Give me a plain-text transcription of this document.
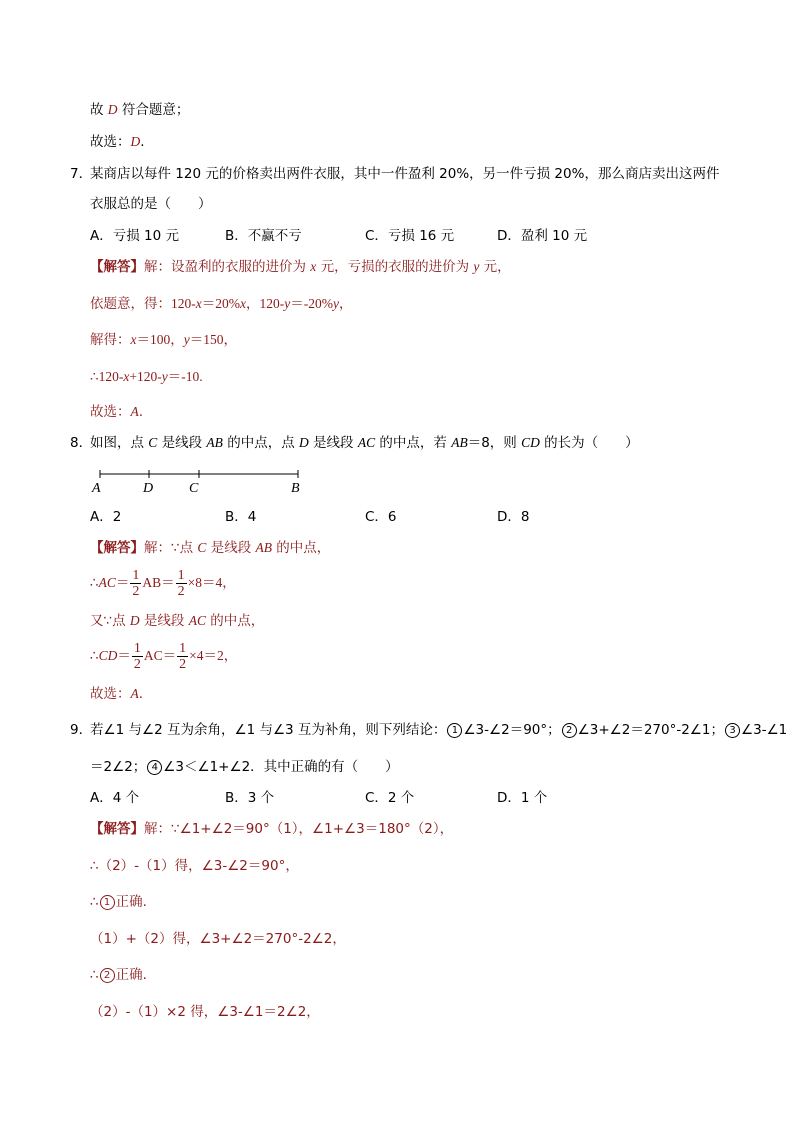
故 D 符合题意；
故选：D.
7．
某商店以每件 120 元的价格卖出两件衣服，其中一件盈利 20%，另一件亏损 20%，那么商店卖出这两件
衣服总的是（　　）
A．亏损 10 元	B．不赢不亏	C．亏损 16 元	D．盈利 10 元
【解答】解：设盈利的衣服的进价为 x 元，亏损的衣服的进价为 y 元，
依题意，得：120-x＝20%x，120-y＝-20%y，
解得：x＝100，y＝150，
∴120-x+120-y＝-10.
故选：A.
8．
如图，点 C 是线段 AB 的中点，点 D 是线段 AC 的中点，若 AB＝8，则 CD 的长为（　　）
A	D	C	B
A．2	B．4	C．6	D．8
【解答】解：∵点 C 是线段 AB 的中点，
∴AC＝ $\frac{1}{2} AB= \frac{1}{2} \times 8=4$，
又∵点 D 是线段 AC 的中点，
∴CD＝ $\frac{1}{2} AC= \frac{1}{2} \times 4=2$，
故选：A.
9．
若∠1 与∠2 互为余角，∠1 与∠3 互为补角，则下列结论： 1 ∠3-∠2＝90°； 2 ∠3+∠2＝270°-2∠1； 3 ∠3-∠1
＝2∠2； 4 ∠3＜∠1+∠2．其中正确的有（　　）
A．4 个	B．3 个	C．2 个	D．1 个
【解答】解：∵∠1+∠2＝90°（1），∠1+∠3＝180°（2），
∴（2）-（1）得，∠3-∠2＝90°，
∴ 1 正确.
（1）+（2）得，∠3+∠2＝270°-2∠2，
∴ 2 正确.
（2）-（1）×2 得，∠3-∠1＝2∠2，
